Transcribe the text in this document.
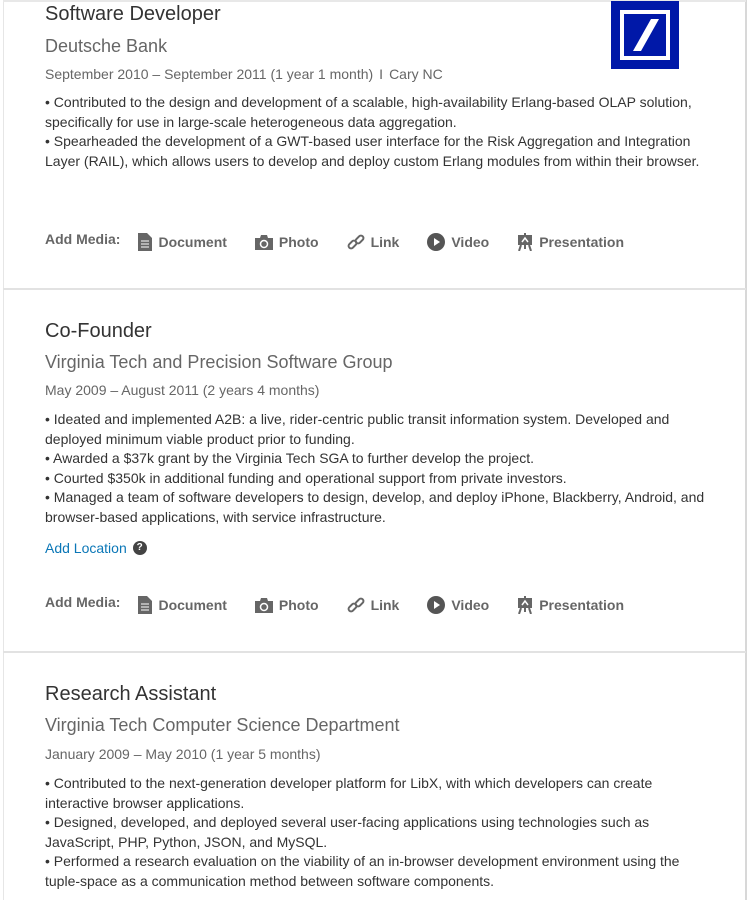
Software Developer
Deutsche Bank
September 2010 – September 2011 (1 year 1 month) I Cary NC
• Contributed to the design and development of a scalable, high-availability Erlang-based OLAP solution, specifically for use in large-scale heterogeneous data aggregation.
• Spearheaded the development of a GWT-based user interface for the Risk Aggregation and Integration Layer (RAIL), which allows users to develop and deploy custom Erlang modules from within their browser.
Add Media:	Document	Photo	Link	Video	Presentation
Co-Founder
Virginia Tech and Precision Software Group
May 2009 – August 2011 (2 years 4 months)
• Ideated and implemented A2B: a live, rider-centric public transit information system. Developed and deployed minimum viable product prior to funding.
• Awarded a $37k grant by the Virginia Tech SGA to further develop the project.
• Courted $350k in additional funding and operational support from private investors.
• Managed a team of software developers to design, develop, and deploy iPhone, Blackberry, Android, and browser-based applications, with service infrastructure.
Add Location ?
Add Media:	Document	Photo	Link	Video	Presentation
Research Assistant
Virginia Tech Computer Science Department
January 2009 – May 2010 (1 year 5 months)
• Contributed to the next-generation developer platform for LibX, with which developers can create interactive browser applications.
• Designed, developed, and deployed several user-facing applications using technologies such as JavaScript, PHP, Python, JSON, and MySQL.
• Performed a research evaluation on the viability of an in-browser development environment using the tuple-space as a communication method between software components.
